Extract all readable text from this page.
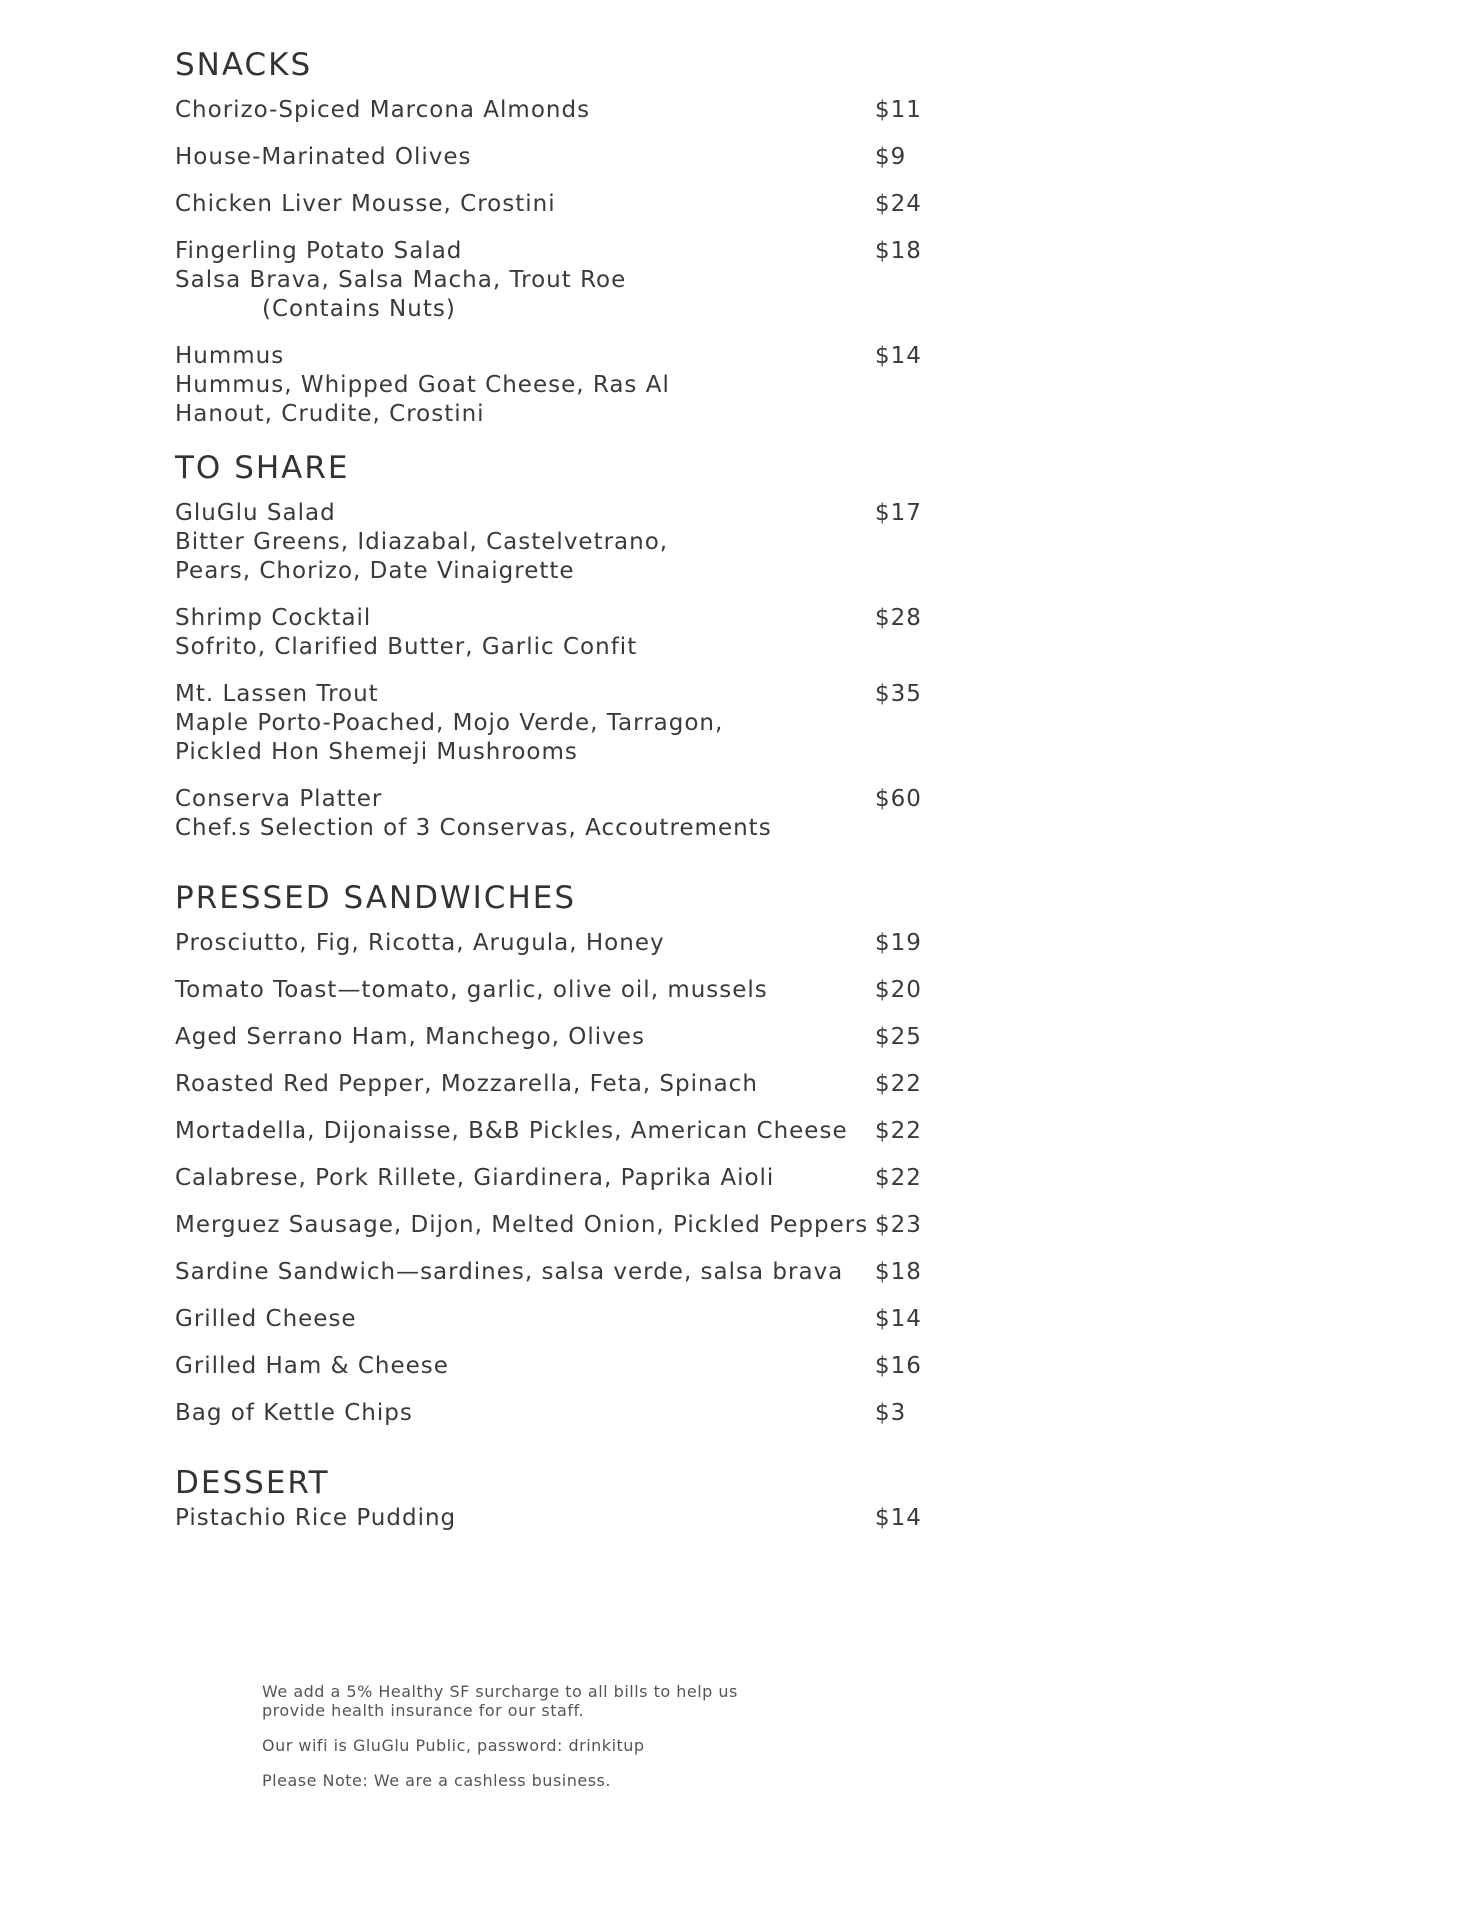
SNACKS
Chorizo-Spiced Marcona Almonds	$11
House-Marinated Olives	$9
Chicken Liver Mousse, Crostini	$24
Fingerling Potato Salad
Salsa Brava, Salsa Macha, Trout Roe
(Contains Nuts)
$18
Hummus
Hummus, Whipped Goat Cheese, Ras Al Hanout, Crudite, Crostini
$14
TO SHARE
GluGlu Salad
Bitter Greens, Idiazabal, Castelvetrano, Pears, Chorizo, Date Vinaigrette
$17
Shrimp Cocktail
Sofrito, Clarified Butter, Garlic Confit
$28
Mt. Lassen Trout
Maple Porto-Poached, Mojo Verde, Tarragon, Pickled Hon Shemeji Mushrooms
$35
Conserva Platter
Chef.s Selection of 3 Conservas, Accoutrements
$60
PRESSED SANDWICHES
Prosciutto, Fig, Ricotta, Arugula, Honey	$19
Tomato Toast—tomato, garlic, olive oil, mussels	$20
Aged Serrano Ham, Manchego, Olives	$25
Roasted Red Pepper, Mozzarella, Feta, Spinach	$22
Mortadella, Dijonaisse, B&B Pickles, American Cheese	$22
Calabrese, Pork Rillete, Giardinera, Paprika Aioli	$22
Merguez Sausage, Dijon, Melted Onion, Pickled Peppers $23
Sardine Sandwich—sardines, salsa verde, salsa brava	$18
Grilled Cheese	$14
Grilled Ham & Cheese	$16
Bag of Kettle Chips	$3
DESSERT
Pistachio Rice Pudding	$14

We add a 5% Healthy SF surcharge to all bills to help us provide health insurance for our staff.

Our wifi is GluGlu Public, password: drinkitup

Please Note: We are a cashless business.
